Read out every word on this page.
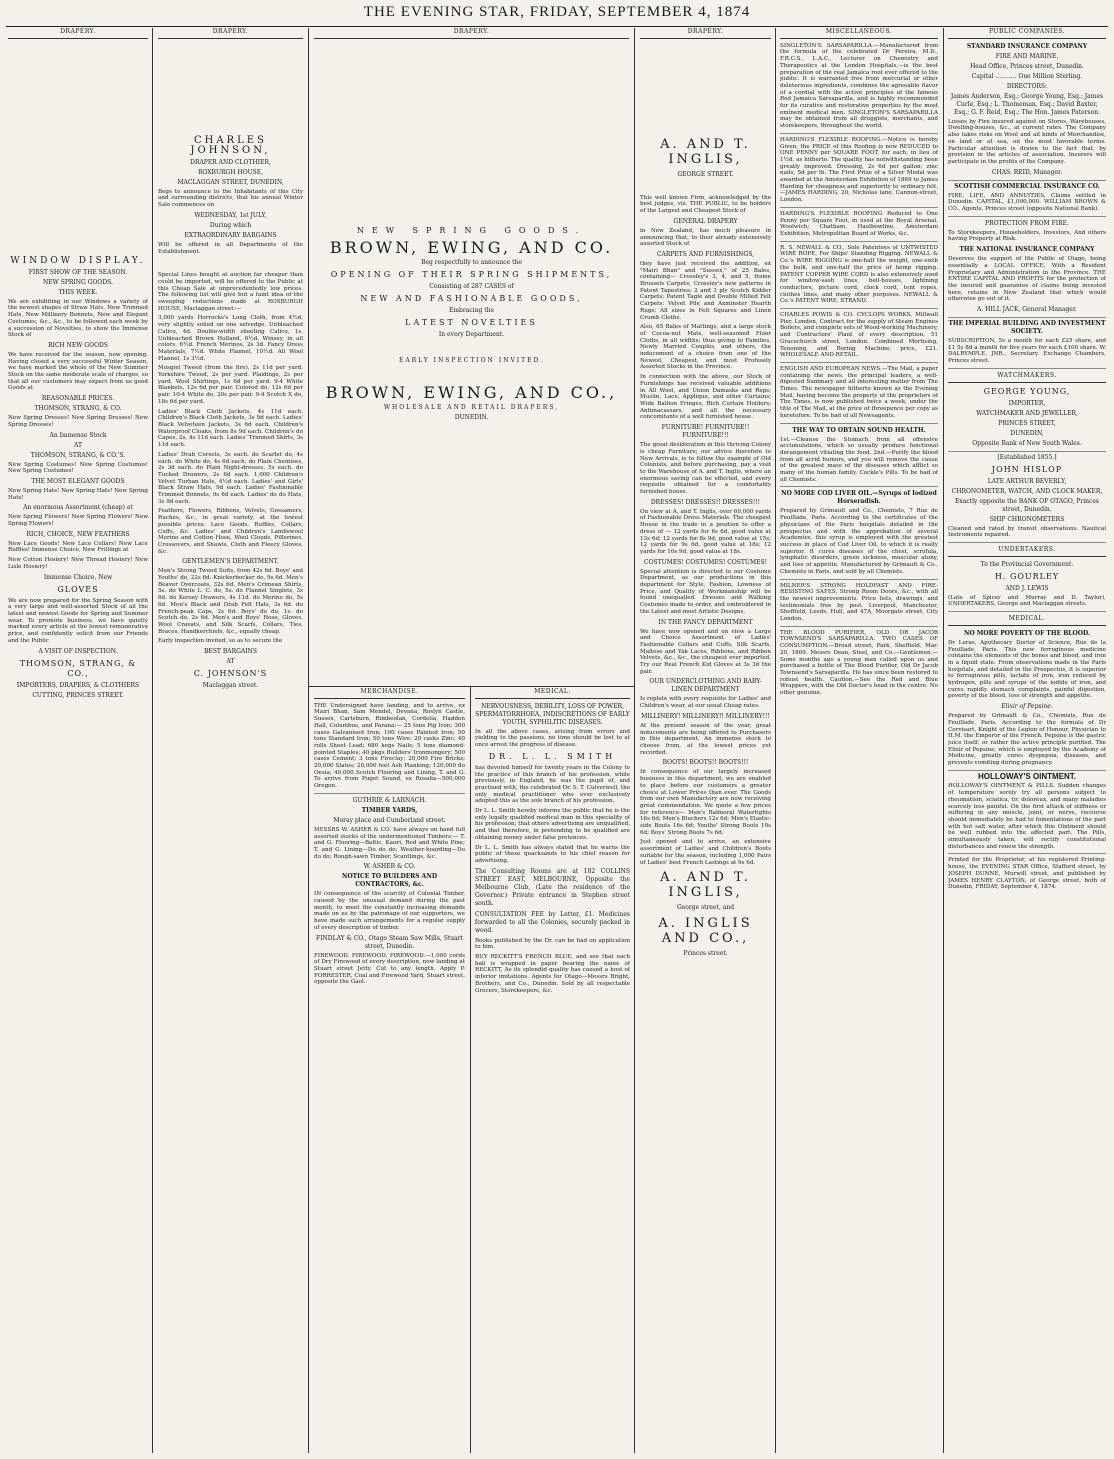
THE EVENING STAR, FRIDAY, SEPTEMBER 4, 1874
DRAPERY.
WINDOW DISPLAY.
FIRST SHOW OF THE SEASON.
NEW SPRING GOODS.
THIS WEEK.

We are exhibiting in our Windows a variety of the newest shapes of Straw Hats, New Trimmed Hats, New Millinery Bonnets, New and Elegant Costumes, &c., &c., to be followed each week by a succession of Novelties, to show the Immense Stock of

RICH NEW GOODS

We have received for the season, now opening. Having closed a very successful Winter Season, we have marked the whole of the New Summer Stock on the same moderate scale of charges, so that all our customers may expect from us good Goods at

REASONABLE PRICES.
THOMSON, STRANG, & CO.

New Spring Dresses! New Spring Dresses! New Spring Dresses!

An Immense Stock
AT
THOMSON, STRANG, & CO.'S.

New Spring Costumes! New Spring Costumes! New Spring Costumes!

THE MOST ELEGANT GOODS

New Spring Hats! New Spring Hats! New Spring Hats!

An enormous Assortment (cheap) at

New Spring Flowers! New Spring Flowers! New Spring Flowers!

RICH, CHOICE, NEW FEATHERS

New Lace Goods! New Lace Collars! New Lace Ruffles! Immense Choice, New Frillings at

New Cotton Hosiery! New Thread Hosiery! New Lisle Hosiery!

Immense Choice, New
GLOVES

We are now prepared for the Spring Season with a very large and well-assorted Stock of all the latest and newest Goods for Spring and Summer wear. To promote business, we have quietly marked every article at the lowest remunerative price, and confidently solicit from our Friends and the Public

A VISIT OF INSPECTION.
THOMSON, STRANG, & CO.,
IMPORTERS, DRAPERS, & CLOTHIERS
CUTTING, PRINCES STREET.
DRAPERY.
CHARLES JOHNSON,
DRAPER AND CLOTHIER,
ROXBURGH HOUSE,
MACLAGGAN STREET, DUNEDIN,

Begs to announce to the Inhabitants of this City and surrounding districts, that his annual Winter Sale commences on

WEDNESDAY, 1st JULY,
During which
EXTRAORDINARY BARGAINS

Will be offered in all Departments of the Establishment.

Special Lines bought at auction far cheaper than could be imported, will be offered to the Public at this Cheap Sale at unprecedentedly low prices. The following list will give but a faint idea of the sweeping reductions made at ROXBURGH HOUSE, Maclaggan street:—

3,000 yards Horrocks's Long Cloth, from 4½d, very slightly soiled on one selvedge. Unbleached Calico, 4d. Double-width sheeting Calico, 1s. Unbleached Brown Holland, 6½d. Winsey, in all colors, 6½d. French Merinos, 2s 3d. Fancy Dress Materials, 7½d. White Flannel, 10½d. All Wool Flannel, 1s 3½d.

Mosgiel Tweed (from the fire), 2s 11d per yard. Yorkshire Tweed, 2s per yard. Plaidings, 2s per yard. Wool Shirtings, 1s 6d per yard. 9-4 White Blankets, 12s 6d per pair. Colored do, 12s 6d per pair. 10-4 White do, 20s per pair. 9-4 Scotch X do, 18s 6d per yard.

Ladies' Black Cloth Jackets, 4s 11d each. Children's Black Cloth Jackets, 3s 9d each. Ladies' Black Velveteen Jackets, 3s 6d each. Children's Waterproof Cloaks, from 8s 9d each. Children's do Capes, 2s, 4s 11d each. Ladies' Trimmed Skirts, 3s 11d each.

Ladies' Drab Corsets, 3s each. do Scarlet do, 4s each. do White do, 4s 6d each. do Plain Chemises, 2s 3d each. do Plain Night-dresses, 5s each. do Tucked Drawers, 2s 6d each. 1,000 Children's Velvet Turban Hats, 4½d each. Ladies' and Girls' Black Straw Hats, 9d each. Ladies' Fashionable Trimmed Bonnets, 9s 6d each. Ladies' do do Hats, 3s 9d each.

Feathers, Flowers, Ribbons, Velvets, Gossamers, Ruches, &c., in great variety, at the lowest possible prices. Lace Goods, Ruffles, Collars, Cuffs, &c. Ladies' and Children's Lambswool Merino and Cotton Hose, Wool Clouds, Pillerines, Crossovers, and Shawls, Cloth and Fleecy Gloves, &c.

GENTLEMEN'S DEPARTMENT.

Men's Strong Tweed Suits, from 42s 6d. Boys' and Youths' do, 22s 6d. Knickerbocker do, 9s 6d. Men's Beaver Overcoats, 32s 6d. Men's Crimean Shirts, 5s. do White L. C. do, 5s. do Flannel Singlets, 3s 6d. do Kersey Drawers, 4s 11d. do Merino do, 5s 6d. Men's Black and Drab Felt Hats, 3s 6d. do French-peak Caps, 2s 6d. Boys' do do, 1s. do Scotch do, 2s 6d. Men's and Boys' Hose, Gloves, Wool Cravats, and Silk Scarfs, Collars, Ties, Braces, Handkerchiefs, &c., equally cheap.

Early inspection invited, so as to secure the

BEST BARGAINS
AT
C. JOHNSON'S
Maclaggan street.
DRAPERY.
NEW SPRING GOODS.
BROWN, EWING, AND CO.
Beg respectfully to announce the
OPENING OF THEIR SPRING SHIPMENTS,
Consisting of 287 CASES of
NEW AND FASHIONABLE GOODS,
Embracing the
LATEST NOVELTIES
In every Department.
EARLY INSPECTION INVITED.
BROWN, EWING, AND CO.,
WHOLESALE AND RETAIL DRAPERS,
DUNEDIN.
MERCHANDISE.

THE Undersigned have landing, and to arrive, ex Mairi Bhan, Sam Mendel, Devana, Roslyn Castle, Sussex, Cartsburn, Rimbeolan, Cordelia, Haddon Hall, Columbus, and Parana:— 25 tons Pig Iron; 300 cases Galvanised Iron; 100 cases Painted Iron; 50 tons Standard Iron; 50 tons Wire; 20 casks Zinc; 40 rolls Sheet Lead; 680 kegs Nails; 5 tons diamond-pointed Staples; 40 pkgs Builders' Ironmongery; 500 cases Cement; 3 tons Fireclay; 20,000 Fire Bricks; 20,000 Slates; 20,000 feet Ash Planking; 120,000 do Oesia; 40,000 Scotch Flooring and Lining, T. and G. To arrive from Puget Sound, ex Rosalia—500,000 Oregon.

GUTHRIE & LARNACH.
TIMBER YARDS,
Moray place and Cumberland street.

MESSRS W. ASHER & CO. have always on hand full assorted stocks of the undermentioned Timbers:— T. and G. Flooring—Baltic, Kauri, Red and White Pine; T. and G. Lining—Do do do; Weather-boarding—Do do do; Rough-sawn Timber, Scantlings, &c.

W. ASHER & CO.
NOTICE TO BUILDERS AND CONTRACTORS, &c.

IN consequence of the scarcity of Colonial Timber, caused by the unusual demand during the past month, to meet the constantly increasing demands made on us by the patronage of our supporters, we have made such arrangements for a regular supply of every description of timber.

FINDLAY & CO., Otago Steam Saw Mills, Stuart street, Dunedin.

FIREWOOD. FIREWOOD. FIREWOOD.—1,000 cords of Dry Firewood of every description, now landing at Stuart street Jetty. Cut to any length. Apply P. FORRESTER, Coal and Firewood Yard, Stuart street, opposite the Gaol.

MEDICAL.
NERVOUSNESS, DEBILITY, LOSS OF POWER, SPERMATORRHOEA, INDISCRETIONS OF EARLY YOUTH, SYPHILITIC DISEASES.

In all the above cases, arising from errors and yielding to the passions, no time should be lost to at once arrest the progress of disease.

DR. L. L. SMITH

has devoted himself for twenty years in the Colony to the practice of this branch of his profession, while previously, in England, he was the pupil of, and practised with, the celebrated Dr. S. T. Culverwell, the only medical practitioner who ever exclusively adopted this as the sole branch of his profession.

Dr L. L. Smith hereby informs the public that he is the only legally qualified medical man in this speciality of his profession; that others advertising are unqualified, and that therefore, in pretending to be qualified are obtaining money under false pretences.

Dr L. L. Smith has always stated that he warns the public of these quacksands to his chief reason for advertising.

The Consulting Rooms are at 182 COLLINS STREET EAST, MELBOURNE, Opposite the Melbourne Club, (Late the residence of the Governor.) Private entrance in Stephen street south.

CONSULTATION FEE by Letter, £1. Medicines forwarded to all the Colonies, securely packed in wood.

Books published by the Dr. can be had on application to him.

BUY RECKITT'S FRENCH BLUE, and see that each ball is wrapped in paper bearing the name of RECKITT, As its splendid quality has caused a host of inferior imitations. Agents for Otago—Messrs Bright, Brothers, and Co., Dunedin. Sold by all respectable Grocers, Storekeepers, &c.

DRAPERY.
A. AND T. INGLIS,
GEORGE STREET.

This well known Firm, acknowledged by the best judges, viz. THE PUBLIC, to be holders of the Largest and Cheapest Stock of

GENERAL DRAPERY

in New Zealand, has much pleasure in announcing that, to their already extensively assorted Stock of

CARPETS AND FURNISHINGS,

they have just received the addition, ex "Mairi Bhan" and "Sussex," of 25 Bales, containing— Crossley's 3, 4, and 5, frame Brussels Carpets; Crossley's new patterns in Patent Tapestries; 2 and 3 ply Scotch Kidder Carpets; Patent Tagle and Double Milled Felt Carpets; Velvet Pile and Axminster Hearth Rugs; All sizes in Felt Squares and Linen Crumb Cloths.

Also, 65 Bales of Mattings, and a large stock of Cocoa-nut Mats, well-seasoned Floor Cloths, in all widths; thus giving to Families, Newly Married Couples, and others, the inducement of a choice from one of the Newest, Cheapest, and most Profusely Assorted Stocks in the Province.

In connection with the above, our Stock of Furnishings has received valuable additions in All Wool, and Union Damasks and Reps; Muslin, Lace, Applique, and other Curtains; Wide Ballion Fringes, Rich Curtain Holders; Antimacassars, and all the necessary concomitants of a well furnished house.

FURNITURE! FURNITURE!! FURNITURE!!!

The great desideratum in this thriving Colony is cheap Furniture; our advice therefore to New Arrivals, is to follow the example of Old Colonists, and before purchasing, pay a visit to the Warehouse of A. and T. Inglis, where an enormous saving can be effected, and every requisite obtained for a comfortably furnished house.

DRESSES! DRESSES!! DRESSES!!!

On view at A. and T. Inglis, over 60,000 yards of Fashionable Dress Materials. The cheapest House in the trade in a position to offer a dress of — 12 yards for 6s 6d, good value at 13s 6d; 12 yards for 8s 9d, good value at 15s; 12 yards for 9s 6d, good value at 18s; 12 yards for 10s 9d, good value at 18s.

COSTUMES! COSTUMES! COSTUMES!

Special attention is directed to our Costume Department, as our productions in this department for Style, Fashion, Lowness of Price, and Quality of Workmanship will be found unequalled. Dresses and Walking Costumes made to order, and embroidered in the Latest and most Artistic Designs.

IN THE FANCY DEPARTMENT

We have now opened and on view a Large and Choice Assortment of Ladies' Fashionable Collars and Cuffs, Silk Scarfs, Maltese and Yak Laces, Ribbons, and Ribbon Velvets, &c., &c., the cheapest ever imported. Try our Real French Kid Gloves at 3s 3d the pair.

OUR UNDERCLOTHING AND BABY-LINEN DEPARTMENT

Is replete with every requisite for Ladies' and Children's wear, at our usual Cheap rates.

MILLINERY! MILLINERY!! MILLINERY!!!

At the present season of the year, great inducements are being offered to Purchasers in this department. An immense stock to choose from, at the lowest prices yet recorded.

BOOTS! BOOTS!! BOOTS!!!

In consequence of our largely increased business in this department, we are enabled to place before our customers a greater choice at Lower Prices than ever. The Goods from our own Manufactory are now receiving great commendation. We quote a few prices for reference— Men's Balmoral Watertights 16s 6d; Men's Bluchers 12s 6d; Men's Elastic-side Boots 16s 6d; Youths' Strong Boots 10s 6d; Boys' Strong Boots 7s 6d.

Just opened and to arrive, an extensive assortment of Ladies' and Children's Boots suitable for the season, including 1,000 Pairs of Ladies' best French Lastings at 9s 6d.

A. AND T. INGLIS,
George street, and
A. INGLIS AND CO.,
Princes street.
MISCELLANEOUS.

SINGLETON'S SARSAPARILLA.—Manufactured from the formula of the celebrated Dr Pereira, M.D., F.R.C.S., L.A.C., Lecturer on Chemistry and Therapeutics at the London Hospitals,—is the best preparation of the real Jamaica root ever offered to the public. It is warranted free from mercurial or other deleterious ingredients, combines the agreeable flavor of a cordial with the active principles of the famous Red Jamaica Sarsaparilla, and is highly recommended for its curative and restorative properties by the most eminent medical men. SINGLETON'S SARSAPARILLA may be obtained from all druggists, merchants, and storekeepers, throughout the world.

HARDING'S FLEXIBLE ROOFING.—Notice is hereby Given, the PRICE of this Roofing is now REDUCED to ONE PENNY per SQUARE FOOT, for each, in lieu of 1½d, as hitherto. The quality has notwithstanding been greatly improved. Dressing, 2s 6d per gallon; zinc nails, 5d per lb. The First Prize of a Silver Medal was awarded at the Amsterdam Exhibition of 1869 to James Harding for cheapness and superiority to ordinary felt.—JAMES HARDING, 20, Nicholas lane, Cannon-street, London.

HARDING'S FLEXIBLE ROOFING Reduced to One Penny per Square Foot, in used at the Royal Arsenal, Woolwich; Chatham, Haulbowline, Amsterdam Exhibition, Metropolitan Board of Works, &c.

R. S. NEWALL & CO., Sole Patentees of UNTWISTED WIRE ROPE, For Ships' Standing Rigging. NEWALL & Co.'s WIRE RIGGING is one-half the weight, one-sixth the bulk, and one-half the price of hemp rigging. PATENT COPPER WIRE CORD is also extensively used for window-sash lines, bell-houses, lightning conductors, picture cord, clock cord, tent ropes, clothes lines, and many other purposes. NEWALL & Co.'s PATENT WIRE, STRAND.

CHARLES POWIS & CO. CYCLOPS WORKS, Millwall Pier, London, Contract for the supply of Steam Engines Boilers, and complete sets of Wood-working Machinery, and Contractors' Plant of every description. 51 Gracechurch street, London. Combined Mortising, Tenoning, and Boring Machine; price, £21. WHOLESALE AND RETAIL.

ENGLISH AND EUROPEAN NEWS.—The Mail, a paper containing the news, the principal leaders, a well-digested Summary and all interesting matter from The Times. The newspaper hitherto known as the Evening Mail, having become the property of the proprietors of The Times, is now published twice a week, under the title of The Mail, at the price of threepence per copy as heretofore. To be had of all Newsagents.

THE WAY TO OBTAIN SOUND HEALTH.

1st.—Cleanse the Stomach from all offensive accumulations, which so usually produce functional derangement vitiating the food. 2nd.—Purify the blood from all acrid humors, and you will remove the cause of the greatest mass of the diseases which afflict so many of the human family. Cockle's Pills. To be had of all Chemists.

NO MORE COD LIVER OIL.—Syrups of Iodized Horseradish.

Prepared by Grimault and Co., Chemists, 7 Rue de Feuillade, Paris. According to the certificates of the physicians of the Paris hospitals detailed in the prospectus and with the approbation of several Academies, this syrup is employed with the greatest success in place of Cod Liver Oil, to which it is really superior. It cures diseases of the chest, scrofula, lymphatic disorders, green sickness, muscular atony, and loss of appetite. Manufactured by Grimault & Co., Chemists in Paris, and sold by all Chemists.

MILNER'S STRONG HOLDFAST AND FIRE-RESISTING SAFES, Strong Room Doors, &c., with all the newest improvements. Price lists, drawings, and testimonials free by post. Liverpool, Manchester, Sheffield, Leeds, Hull, and 47A, Moorgate street, City London.

THE BLOOD PURIFIER, OLD DR JACOB TOWNSEND'S SARSAPARILLA. TWO CASES OF CONSUMPTION.—Broad street, Park, Sheffield, Mar. 20, 1869. Messrs Dean, Steel, and Co.—Gentlemen,—Some months ago a young man called upon us and purchased a bottle of The Blood Purifier, Old Dr Jacob Townsend's Sarsaparilla. He has since been restored to robust health. Caution.—See the Red and Blue Wrappers, with the Old Doctor's head in the centre. No other genuine.

PUBLIC COMPANIES.
STANDARD INSURANCE COMPANY
FIRE AND MARINE.
Head Office, Princes street, Dunedin.
Capital ........... One Million Sterling.
DIRECTORS:
James Anderson, Esq.; George Young, Esq.; James Curle, Esq.; L. Thomeman, Esq.; David Baxter, Esq.; G. F. Reid, Esq.; The Hon. James Paterson.

Losses by Fire insured against on Stores, Warehouses, Dwelling-houses, &c., at current rates. The Company also takes risks on Wool and all kinds of Merchandise, on land or at sea, on the most favorable terms. Particular attention is drawn to the fact that, by provision in the articles of association, Insurers will participate in the profits of the Company.

CHAS. REID, Manager.
SCOTTISH COMMERCIAL INSURANCE CO.

FIRE, LIFE, AND ANNUITIES. Claims settled in Dunedin. CAPITAL, £1,000,000. WILLIAM BROWN & CO., Agents, Princes street (opposite National Bank).

PROTECTION FROM FIRE.

To Storekeepers, Householders, Investors, And others having Property at Risk.

THE NATIONAL INSURANCE COMPANY

Deserves the support of the Public of Otago, being essentially a LOCAL OFFICE, With a Resident Proprietary and Administration in the Province. THE ENTIRE CAPITAL AND PROFITS for the protection of the insured and guarantee of claims being invested here, retains in New Zealand that which would otherwise go out of it.

A. HILL JACK, General Manager.
THE IMPERIAL BUILDING AND INVESTMENT SOCIETY.

SUBSCRIPTION, 5s a month for each £25 share, and £1 5s 8d a month for five years for each £100 share. W. DALRYMPLE, JNR., Secretary. Exchange Chambers, Princes street.

WATCHMAKERS.
GEORGE YOUNG,
IMPORTER,
WATCHMAKER AND JEWELLER,
PRINCES STREET,
DUNEDIN,
Opposite Bank of New South Wales.
[Established 1855.]
JOHN HISLOP
LATE ARTHUR BEVERLY,
CHRONOMETER, WATCH, AND CLOCK MAKER,
Exactly opposite the BANK OF OTAGO, Princes street, Dunedin.
SHIP CHRONOMETERS

Cleaned and rated by transit observations. Nautical Instruments repaired.

UNDERTAKERS.
To the Provincial Government.
H. GOURLEY
AND J. LEWIS

(Late of Spicer and Murray and D. Taylor), UNDERTAKERS, George and Maclaggan streets.

MEDICAL.
NO MORE POVERTY OF THE BLOOD.

Dr Leras, Apothecary Doctor of Science, Rue de la Feuillade, Paris. This new ferruginous medicine contains the elements of the bones and blood, and iron in a liquid state. From observations made in the Paris hospitals, and detailed in the Prospectus, it is superior to ferruginous pills, lactate of iron, iron reduced by hydrogen, pills and syrups of the iodide of iron, and cures rapidly stomach complaints, painful digestion, poverty of the blood, loss of strength and appetite.

Elixir of Pepsine.

Prepared by Grimault & Co., Chemists, Rue de Feuillade, Paris. According to the formula of Dr Corvisart, Knight of the Legion of Honour, Physician to H.M. the Emperor of the French. Pepsine is the gastric juice itself, or rather the active principle purified. The Elixir of Pepsine, which is employed by the Academy of Medicine, greatly cures dyspepsia, diseases, and prevents vomiting during pregnancy.

HOLLOWAY'S OINTMENT.

HOLLOWAY'S OINTMENT & PILLS. Sudden changes of temperature sorely try all persons subject to rheumatism, sciatica, tic doloreux, and many maladies scarcely less painful. On the first attack of stiffness or suffering in any muscle, joint, or nerve, recourse should immediately be had to fomentations of the part with hot salt water, after which this Ointment should be well rubbed into the affected part. The Pills, simultaneously taken, will rectify constitutional disturbances and renew the strength.

Printed for the Proprietor, at his registered Printing-house, the EVENING STAR Office, Stafford street, by JOSEPH DUNNE, Murwill street, and published by JAMES HENRY CLAYTON, of George street, both of Dunedin, FRIDAY, September 4, 1874.
